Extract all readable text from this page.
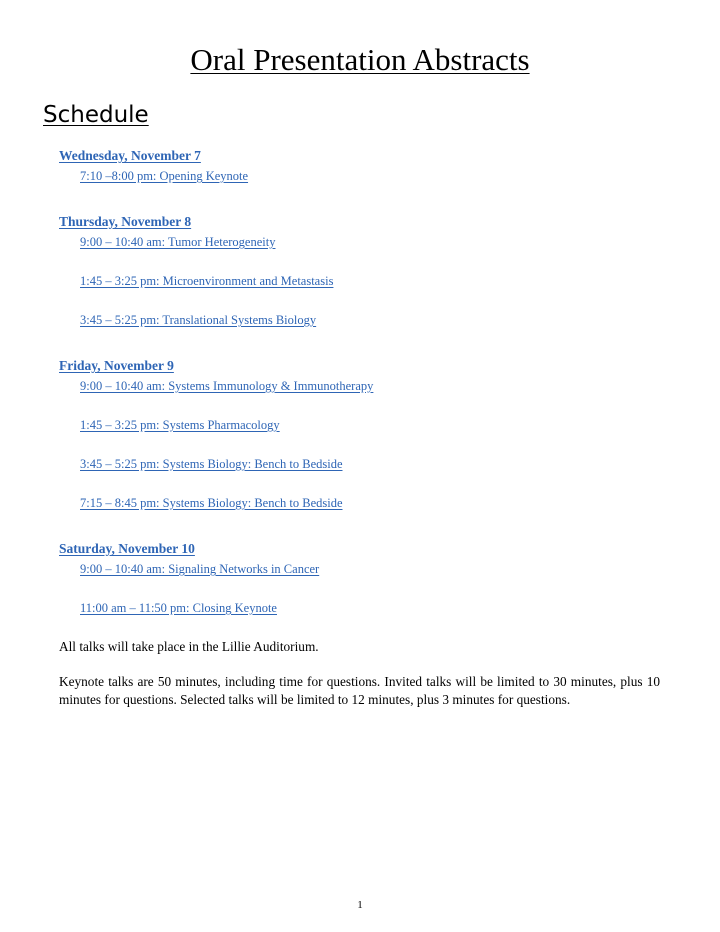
Oral Presentation Abstracts
Schedule
Wednesday, November 7
7:10 –8:00 pm: Opening Keynote
Thursday, November 8
9:00 – 10:40 am: Tumor Heterogeneity
1:45 – 3:25 pm: Microenvironment and Metastasis
3:45 – 5:25 pm: Translational Systems Biology
Friday, November 9
9:00 – 10:40 am: Systems Immunology & Immunotherapy
1:45 – 3:25 pm: Systems Pharmacology
3:45 – 5:25 pm: Systems Biology: Bench to Bedside
7:15 – 8:45 pm: Systems Biology: Bench to Bedside
Saturday, November 10
9:00 – 10:40 am: Signaling Networks in Cancer
11:00 am – 11:50 pm: Closing Keynote
All talks will take place in the Lillie Auditorium.
Keynote talks are 50 minutes, including time for questions. Invited talks will be limited to 30 minutes, plus 10 minutes for questions. Selected talks will be limited to 12 minutes, plus 3 minutes for questions.
1
